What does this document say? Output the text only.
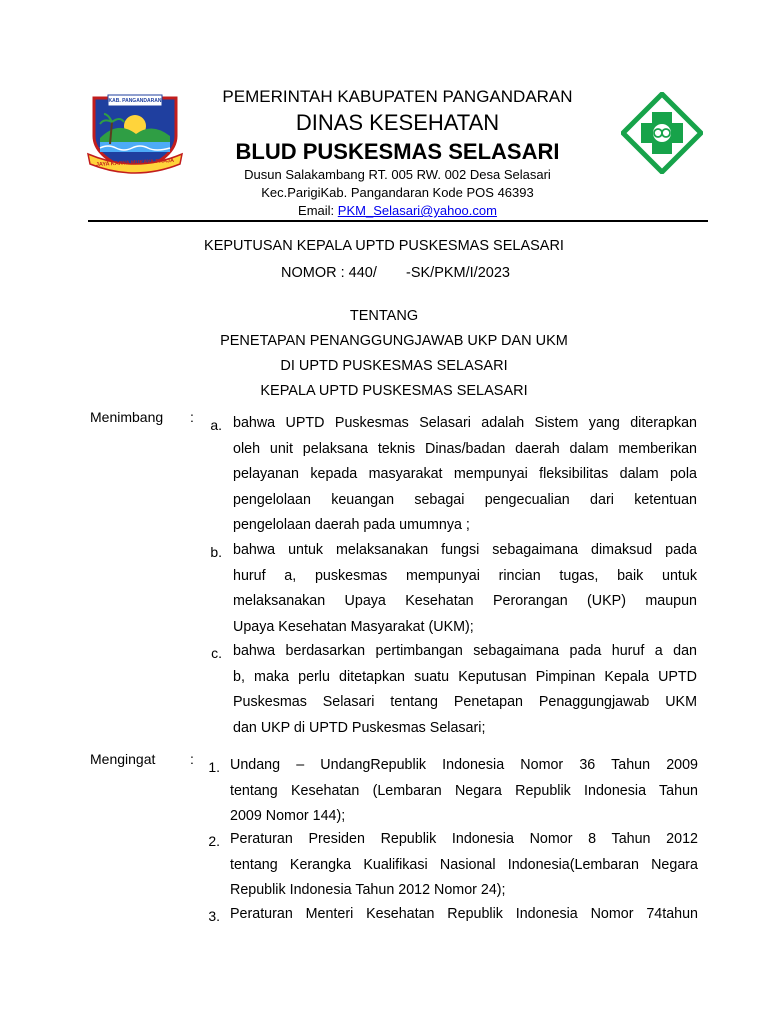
KAB. PANGANDARAN
JAYA KARYA MUKAYA PRAJA
PEMERINTAH KABUPATEN PANGANDARAN
DINAS KESEHATAN
BLUD PUSKESMAS SELASARI
Dusun Salakambang RT. 005 RW. 002 Desa Selasari
Kec.ParigiKab. Pangandaran Kode POS 46393
Email: PKM_Selasari@yahoo.com
KEPUTUSAN KEPALA UPTD PUSKESMAS SELASARI
NOMOR : 440/ -SK/PKM/I/2023
TENTANG
PENETAPAN PENANGGUNGJAWAB UKP DAN UKM
DI UPTD PUSKESMAS SELASARI
KEPALA UPTD PUSKESMAS SELASARI
Menimbang :	a. bahwa UPTD Puskesmas Selasari adalah Sistem yang diterapkan
oleh unit pelaksana teknis Dinas/badan daerah dalam memberikan
pelayanan kepada masyarakat mempunyai fleksibilitas dalam pola
pengelolaan keuangan sebagai pengecualian dari ketentuan
pengelolaan daerah pada umumnya ;
b. bahwa untuk melaksanakan fungsi sebagaimana dimaksud pada
huruf a, puskesmas mempunyai rincian tugas, baik untuk
melaksanakan Upaya Kesehatan Perorangan (UKP) maupun
Upaya Kesehatan Masyarakat (UKM);
c. bahwa berdasarkan pertimbangan sebagaimana pada huruf a dan
b, maka perlu ditetapkan suatu Keputusan Pimpinan Kepala UPTD
Puskesmas Selasari tentang Penetapan Penaggungjawab UKM
dan UKP di UPTD Puskesmas Selasari;
Mengingat :	1. Undang – UndangRepublik Indonesia Nomor 36 Tahun 2009
tentang Kesehatan (Lembaran Negara Republik Indonesia Tahun
2009 Nomor 144);
2. Peraturan Presiden Republik Indonesia Nomor 8 Tahun 2012
tentang Kerangka Kualifikasi Nasional Indonesia(Lembaran Negara
Republik Indonesia Tahun 2012 Nomor 24);
3. Peraturan Menteri Kesehatan Republik Indonesia Nomor 74tahun
